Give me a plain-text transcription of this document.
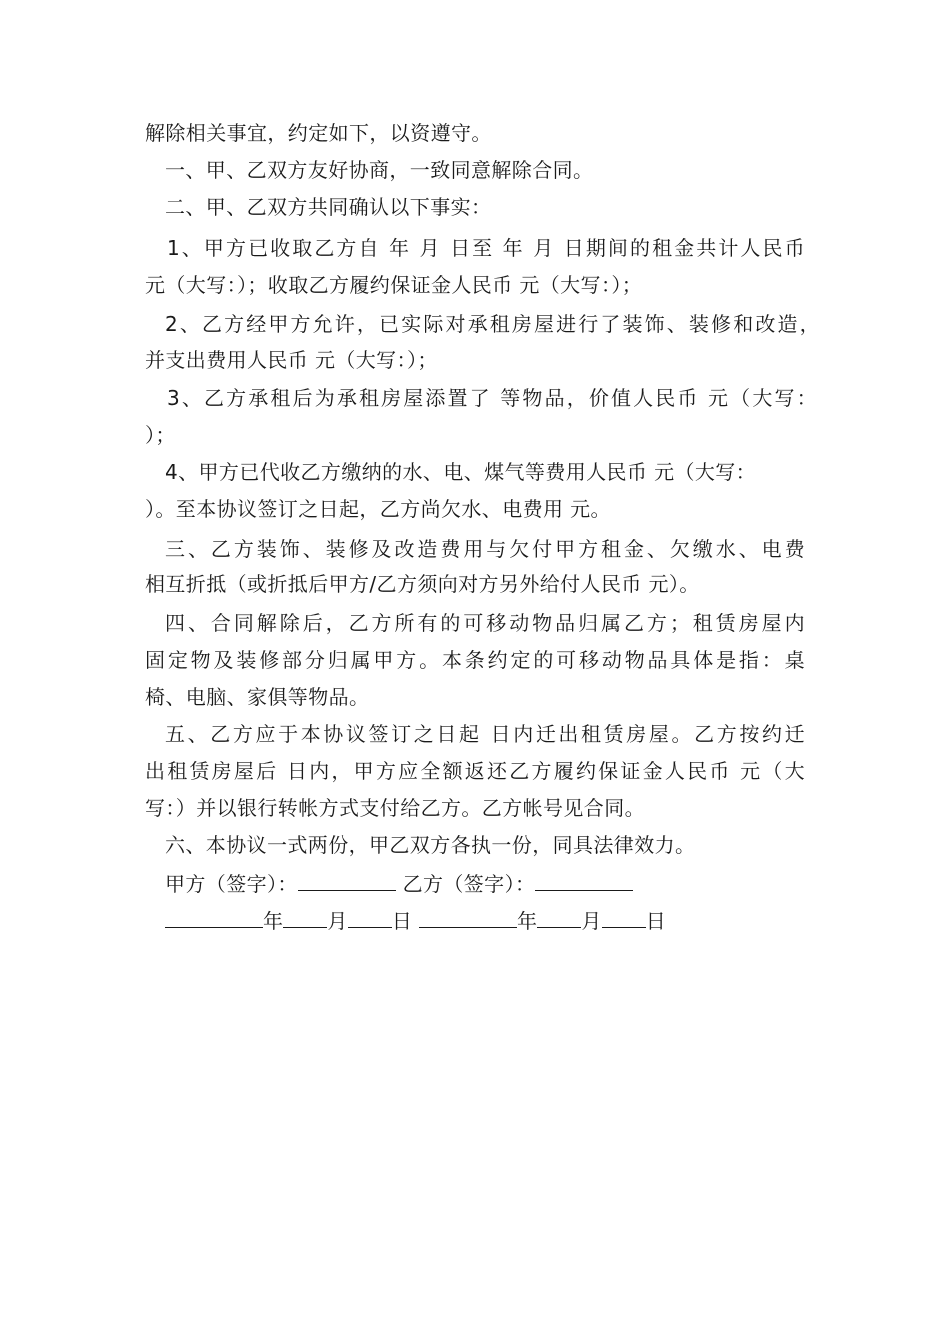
解除相关事宜，约定如下，以资遵守。
一、甲、乙双方友好协商，一致同意解除合同。
二、甲、乙双方共同确认以下事实：
1、甲方已收取乙方自 年 月 日至 年 月 日期间的租金共计人民币
元（大写：）；收取乙方履约保证金人民币 元（大写：）；
2、乙方经甲方允许，已实际对承租房屋进行了装饰、装修和改造，
并支出费用人民币 元（大写：）；
3、乙方承租后为承租房屋添置了 等物品，价值人民币 元（大写：
）；
4、甲方已代收乙方缴纳的水、电、煤气等费用人民币 元（大写：
）。至本协议签订之日起，乙方尚欠水、电费用 元。
三、乙方装饰、装修及改造费用与欠付甲方租金、欠缴水、电费
相互折抵（或折抵后甲方/乙方须向对方另外给付人民币 元）。
四、合同解除后，乙方所有的可移动物品归属乙方；租赁房屋内
固定物及装修部分归属甲方。本条约定的可移动物品具体是指：桌
椅、电脑、家俱等物品。
五、乙方应于本协议签订之日起 日内迁出租赁房屋。乙方按约迁
出租赁房屋后 日内，甲方应全额返还乙方履约保证金人民币 元（大
写：）并以银行转帐方式支付给乙方。乙方帐号见合同。
六、本协议一式两份，甲乙双方各执一份，同具法律效力。
甲方（签字）：	乙方（签字）：
年 月 日	年 月 日
